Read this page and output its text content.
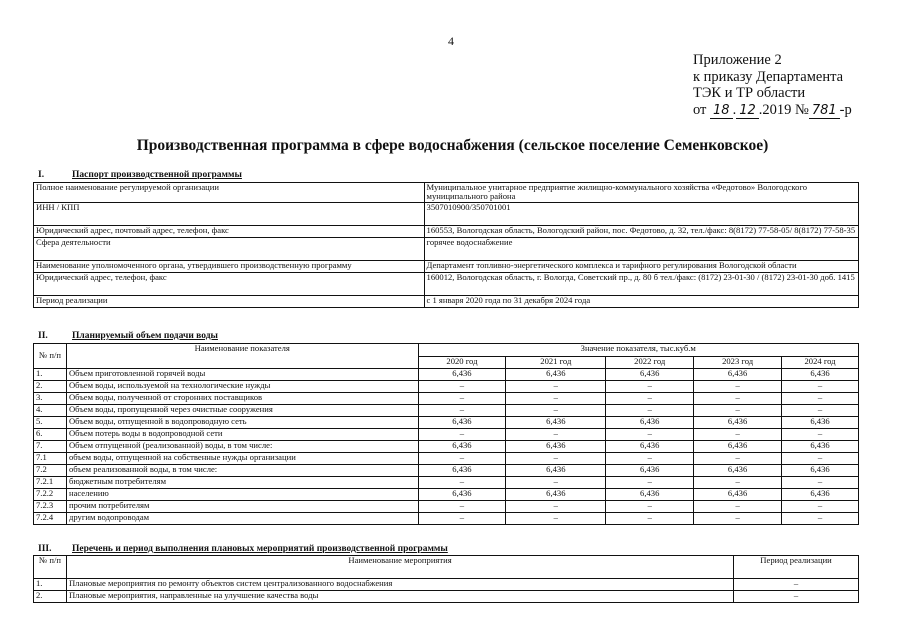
4
Приложение 2
к приказу Департамента
ТЭК и ТР области
от 18 . 12 .2019 № 781 -р
Производственная программа в сфере водоснабжения (сельское поселение Семенковское)
I.	Паспорт производственной программы
Полное наименование регулируемой организации	Муниципальное унитарное предприятие жилищно-коммунального хозяйства «Федотово» Вологодского муниципального района
ИНН / КПП	3507010900/350701001
Юридический адрес, почтовый адрес, телефон, факс	160553, Вологодская область, Вологодский район, пос. Федотово, д. 32, тел./факс: 8(8172) 77-58-05/ 8(8172) 77-58-35
Сфера деятельности	горячее водоснабжение
Наименование уполномоченного органа, утвердившего производственную программу	Департамент топливно-энергетического комплекса и тарифного регулирования Вологодской области
Юридический адрес, телефон, факс	160012, Вологодская область, г. Вологда, Советский пр., д. 80 б тел./факс: (8172) 23-01-30 / (8172) 23-01-30 доб. 1415
Период реализации	с 1 января 2020 года по 31 декабря 2024 года
II.	Планируемый объем подачи воды
№ п/п	Наименование показателя	Значение показателя, тыс.куб.м				
		2020 год	2021 год	2022 год	2023 год	2024 год
1.	Объем приготовленной горячей воды	6,436	6,436	6,436	6,436	6,436
2.	Объем воды, используемой на технологические нужды	–	–	–	–	–
3.	Объем воды, полученной от сторонних поставщиков	–	–	–	–	–
4.	Объем воды, пропущенной через очистные сооружения	–	–	–	–	–
5.	Объем воды, отпущенной в водопроводную сеть	6,436	6,436	6,436	6,436	6,436
6.	Объем потерь воды в водопроводной сети	–	–	–	–	–
7.	Объем отпущенной (реализованной) воды, в том числе:	6,436	6,436	6,436	6,436	6,436
7.1	объем воды, отпущенной на собственные нужды организации	–	–	–	–	–
7.2	объем реализованной воды, в том числе:	6,436	6,436	6,436	6,436	6,436
7.2.1	бюджетным потребителям	–	–	–	–	–
7.2.2	населению	6,436	6,436	6,436	6,436	6,436
7.2.3	прочим потребителям	–	–	–	–	–
7.2.4	другим водопроводам	–	–	–	–	–
III. Перечень и период выполнения плановых мероприятий производственной программы
№ п/п	Наименование мероприятия	Период реализации
1.	Плановые мероприятия по ремонту объектов систем централизованного водоснабжения	–
2.	Плановые мероприятия, направленные на улучшение качества воды	–
